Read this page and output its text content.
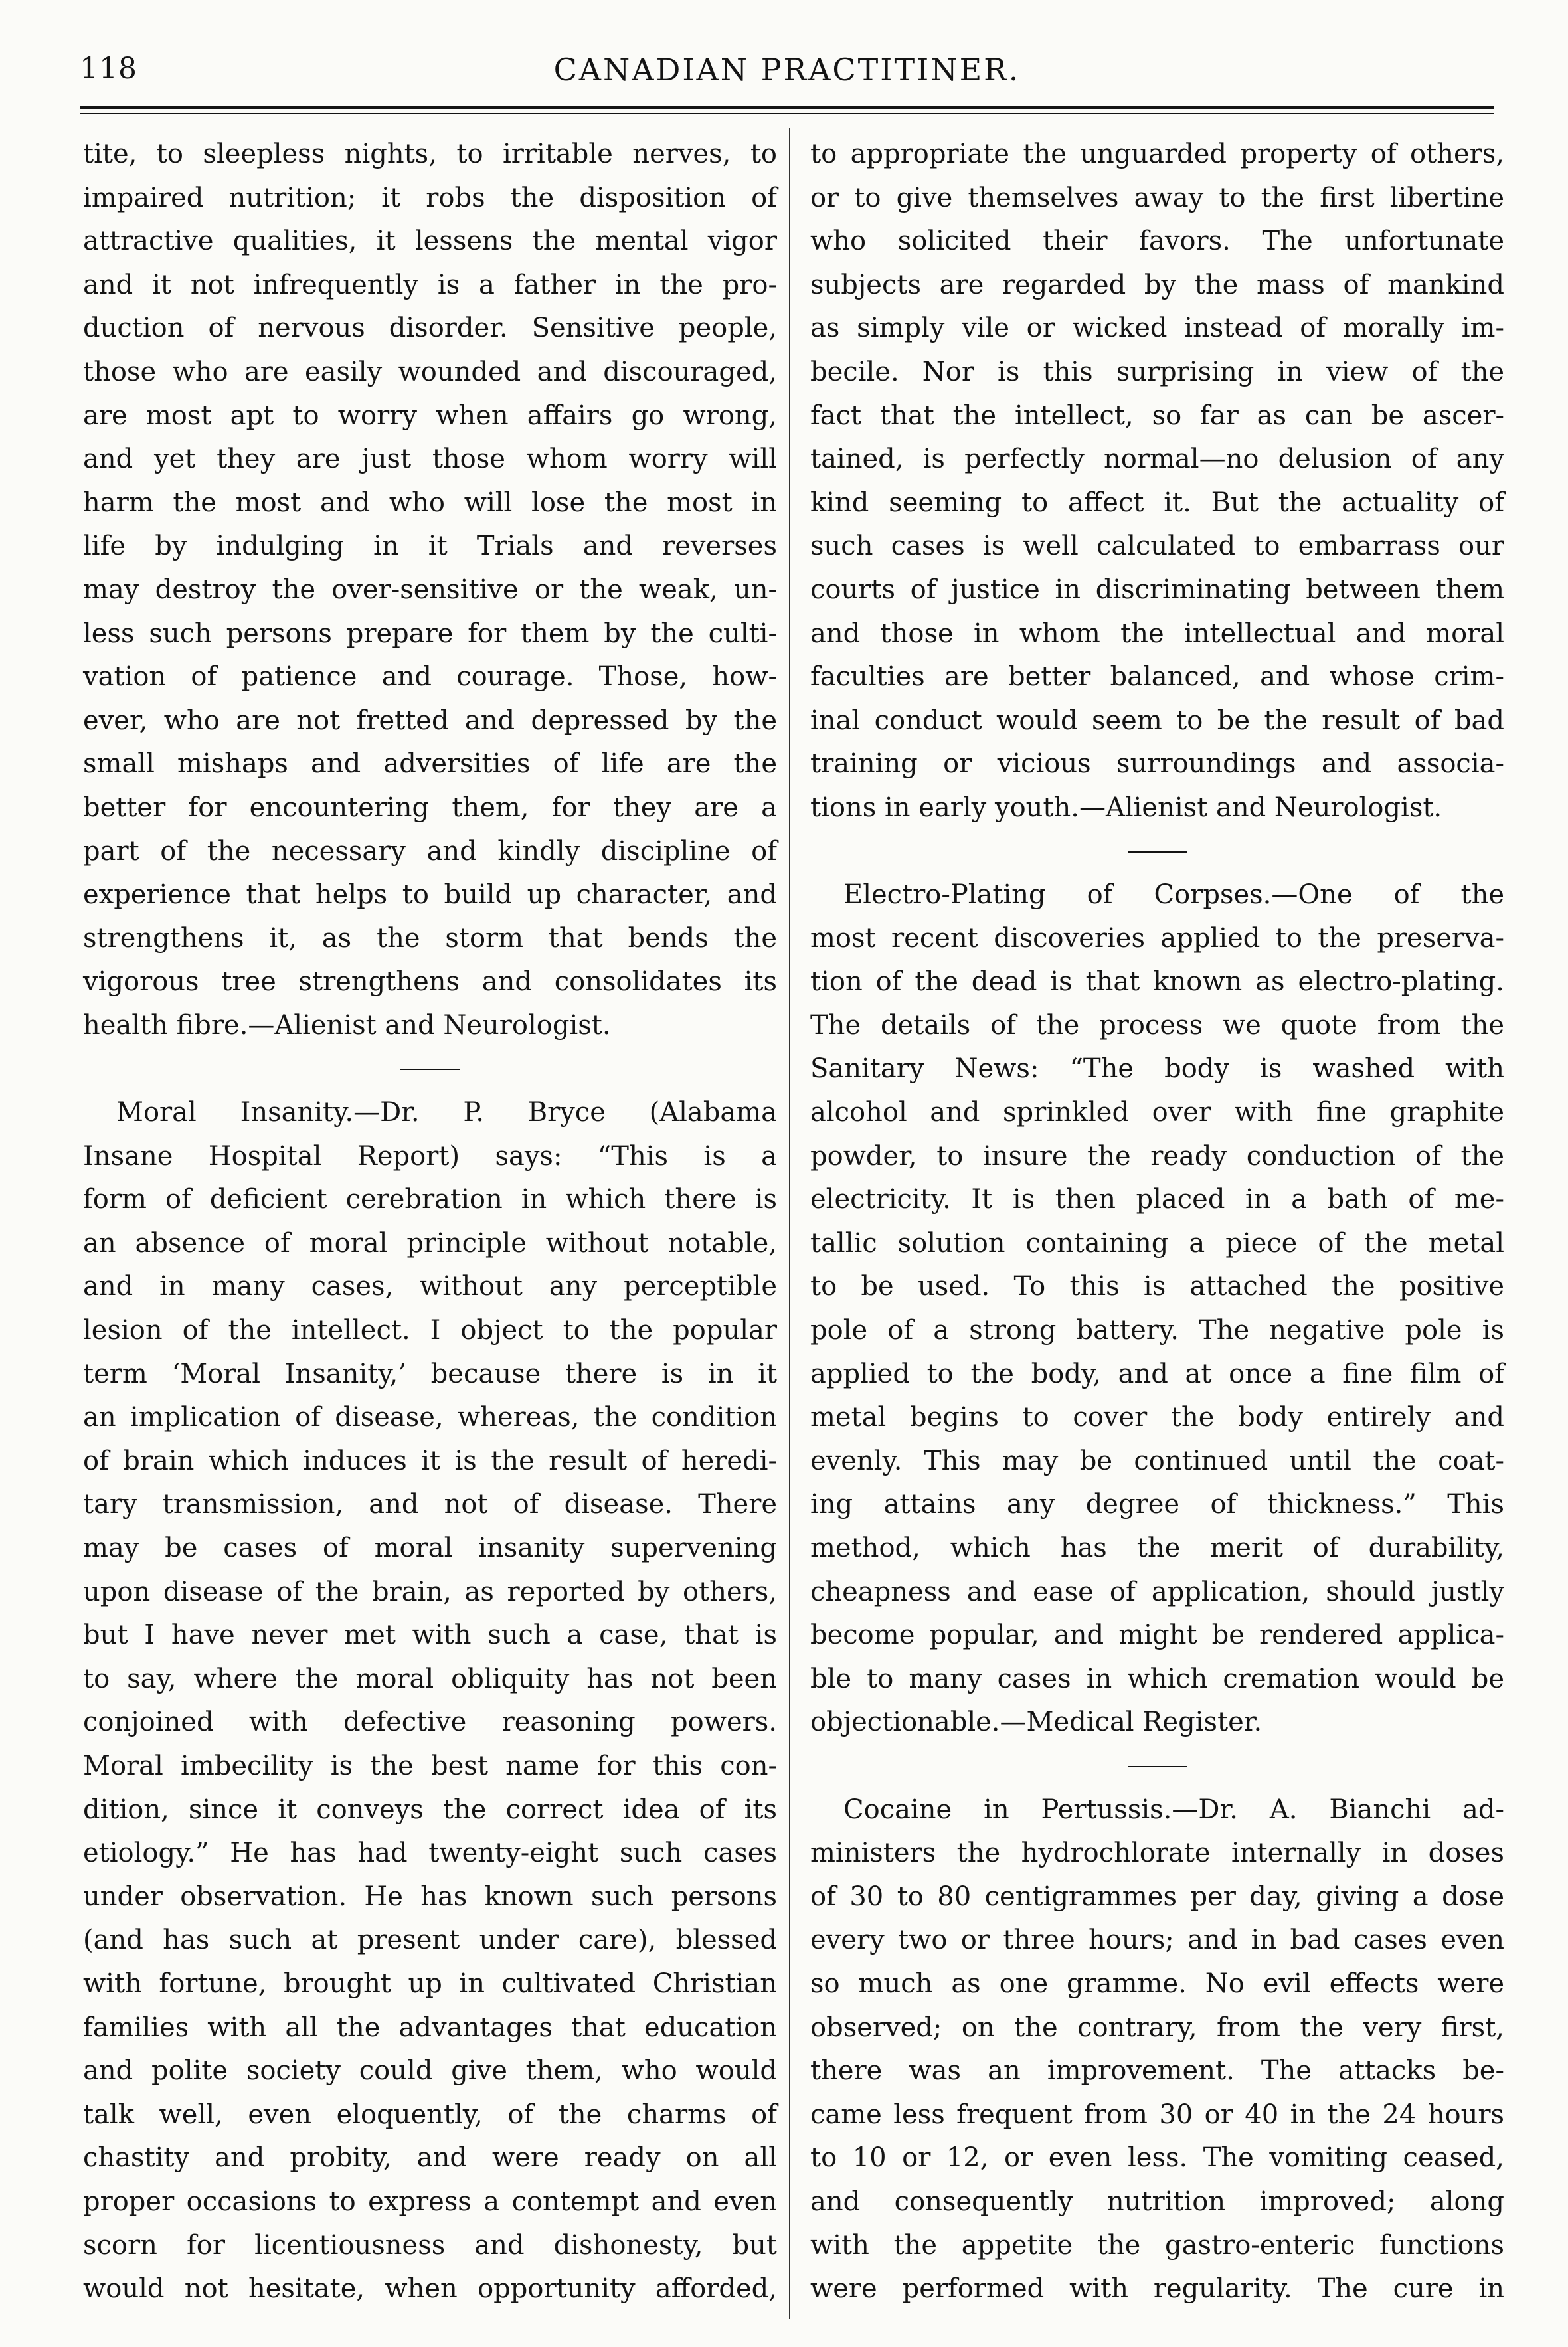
118	CANADIAN PRACTITINER.
tite, to sleepless nights, to irritable nerves, to
impaired nutrition; it robs the disposition of
attractive qualities, it lessens the mental vigor
and it not infrequently is a father in the pro-
duction of nervous disorder. Sensitive people,
those who are easily wounded and discouraged,
are most apt to worry when affairs go wrong,
and yet they are just those whom worry will
harm the most and who will lose the most in
life by indulging in it Trials and reverses
may destroy the over-sensitive or the weak, un-
less such persons prepare for them by the culti-
vation of patience and courage. Those, how-
ever, who are not fretted and depressed by the
small mishaps and adversities of life are the
better for encountering them, for they are a
part of the necessary and kindly discipline of
experience that helps to build up character, and
strengthens it, as the storm that bends the
vigorous tree strengthens and consolidates its
health fibre.—Alienist and Neurologist.
Moral Insanity.—Dr. P. Bryce (Alabama
Insane Hospital Report) says: “This is a
form of deficient cerebration in which there is
an absence of moral principle without notable,
and in many cases, without any perceptible
lesion of the intellect. I object to the popular
term ‘Moral Insanity,’ because there is in it
an implication of disease, whereas, the condition
of brain which induces it is the result of heredi-
tary transmission, and not of disease. There
may be cases of moral insanity supervening
upon disease of the brain, as reported by others,
but I have never met with such a case, that is
to say, where the moral obliquity has not been
conjoined with defective reasoning powers.
Moral imbecility is the best name for this con-
dition, since it conveys the correct idea of its
etiology.” He has had twenty-eight such cases
under observation. He has known such persons
(and has such at present under care), blessed
with fortune, brought up in cultivated Christian
families with all the advantages that education
and polite society could give them, who would
talk well, even eloquently, of the charms of
chastity and probity, and were ready on all
proper occasions to express a contempt and even
scorn for licentiousness and dishonesty, but
would not hesitate, when opportunity afforded,
to appropriate the unguarded property of others,
or to give themselves away to the first libertine
who solicited their favors. The unfortunate
subjects are regarded by the mass of mankind
as simply vile or wicked instead of morally im-
becile. Nor is this surprising in view of the
fact that the intellect, so far as can be ascer-
tained, is perfectly normal—no delusion of any
kind seeming to affect it. But the actuality of
such cases is well calculated to embarrass our
courts of justice in discriminating between them
and those in whom the intellectual and moral
faculties are better balanced, and whose crim-
inal conduct would seem to be the result of bad
training or vicious surroundings and associa-
tions in early youth.—Alienist and Neurologist.
Electro-Plating of Corpses.—One of the
most recent discoveries applied to the preserva-
tion of the dead is that known as electro-plating.
The details of the process we quote from the
Sanitary News: “The body is washed with
alcohol and sprinkled over with fine graphite
powder, to insure the ready conduction of the
electricity. It is then placed in a bath of me-
tallic solution containing a piece of the metal
to be used. To this is attached the positive
pole of a strong battery. The negative pole is
applied to the body, and at once a fine film of
metal begins to cover the body entirely and
evenly. This may be continued until the coat-
ing attains any degree of thickness.” This
method, which has the merit of durability,
cheapness and ease of application, should justly
become popular, and might be rendered applica-
ble to many cases in which cremation would be
objectionable.—Medical Register.
Cocaine in Pertussis.—Dr. A. Bianchi ad-
ministers the hydrochlorate internally in doses
of 30 to 80 centigrammes per day, giving a dose
every two or three hours; and in bad cases even
so much as one gramme. No evil effects were
observed; on the contrary, from the very first,
there was an improvement. The attacks be-
came less frequent from 30 or 40 in the 24 hours
to 10 or 12, or even less. The vomiting ceased,
and consequently nutrition improved; along
with the appetite the gastro-enteric functions
were performed with regularity. The cure in
